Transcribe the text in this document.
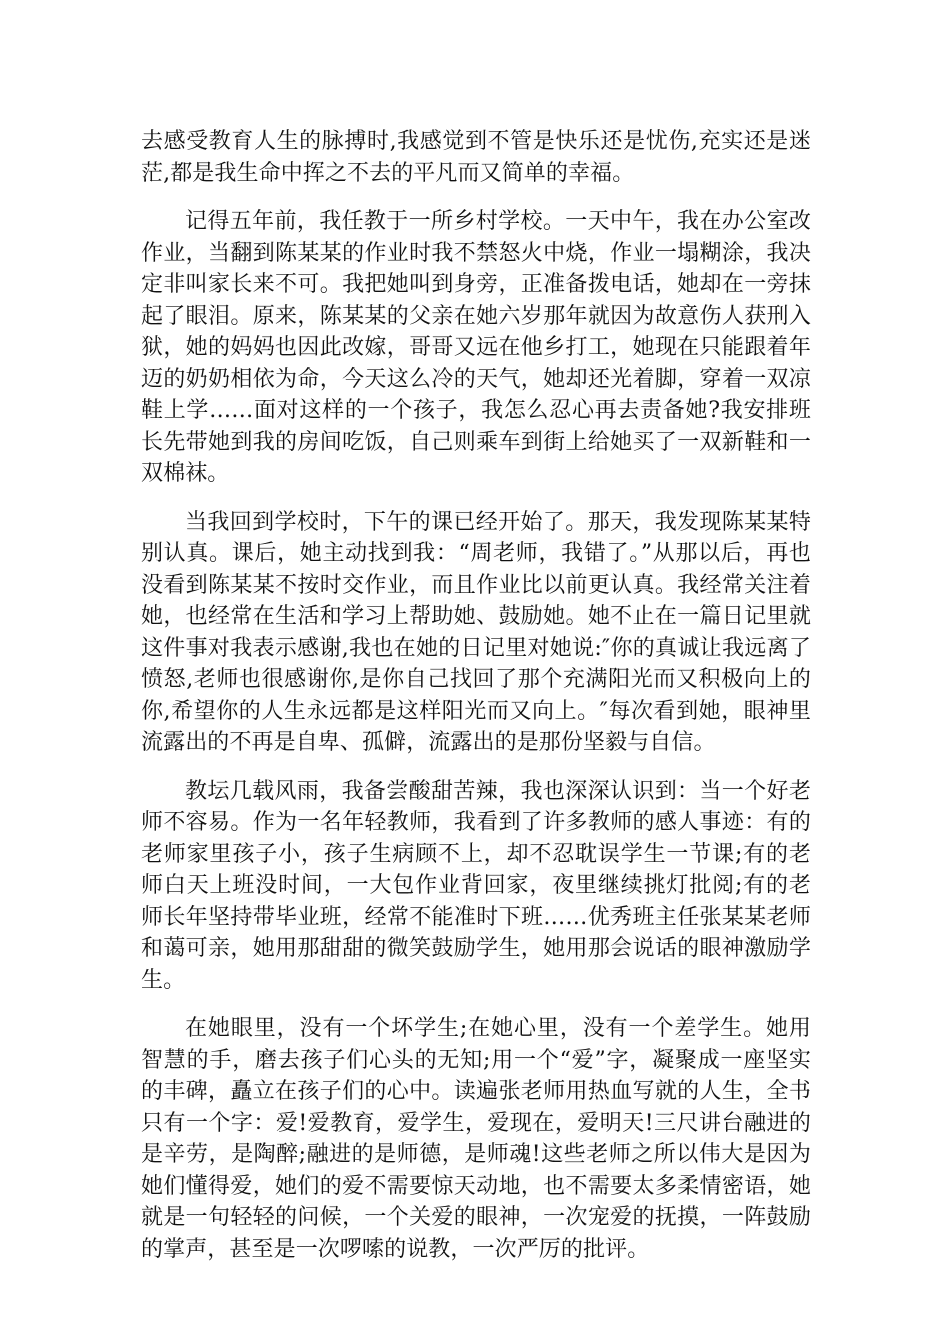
去感受教育人生的脉搏时,我感觉到不管是快乐还是忧伤,充实还是迷茫,都是我生命中挥之不去的平凡而又简单的幸福。

记得五年前，我任教于一所乡村学校。一天中午，我在办公室改作业，当翻到陈某某的作业时我不禁怒火中烧，作业一塌糊涂，我决定非叫家长来不可。我把她叫到身旁，正准备拨电话，她却在一旁抹起了眼泪。原来，陈某某的父亲在她六岁那年就因为故意伤人获刑入狱，她的妈妈也因此改嫁，哥哥又远在他乡打工，她现在只能跟着年迈的奶奶相依为命，今天这么冷的天气，她却还光着脚，穿着一双凉鞋上学……面对这样的一个孩子，我怎么忍心再去责备她?我安排班长先带她到我的房间吃饭，自己则乘车到街上给她买了一双新鞋和一双棉袜。

当我回到学校时，下午的课已经开始了。那天，我发现陈某某特别认真。课后，她主动找到我：“周老师，我错了。”从那以后，再也没看到陈某某不按时交作业，而且作业比以前更认真。我经常关注着她，也经常在生活和学习上帮助她、鼓励她。她不止在一篇日记里就这件事对我表示感谢,我也在她的日记里对她说:″你的真诚让我远离了愤怒,老师也很感谢你,是你自己找回了那个充满阳光而又积极向上的你,希望你的人生永远都是这样阳光而又向上。″每次看到她，眼神里流露出的不再是自卑、孤僻，流露出的是那份坚毅与自信。

教坛几载风雨，我备尝酸甜苦辣，我也深深认识到：当一个好老师不容易。作为一名年轻教师，我看到了许多教师的感人事迹：有的老师家里孩子小，孩子生病顾不上，却不忍耽误学生一节课;有的老师白天上班没时间，一大包作业背回家，夜里继续挑灯批阅;有的老师长年坚持带毕业班，经常不能准时下班……优秀班主任张某某老师和蔼可亲，她用那甜甜的微笑鼓励学生，她用那会说话的眼神激励学生。

在她眼里，没有一个坏学生;在她心里，没有一个差学生。她用智慧的手，磨去孩子们心头的无知;用一个“爱”字，凝聚成一座坚实的丰碑，矗立在孩子们的心中。读遍张老师用热血写就的人生，全书只有一个字：爱!爱教育，爱学生，爱现在，爱明天!三尺讲台融进的是辛劳，是陶醉;融进的是师德，是师魂!这些老师之所以伟大是因为她们懂得爱，她们的爱不需要惊天动地，也不需要太多柔情密语，她就是一句轻轻的问候，一个关爱的眼神，一次宠爱的抚摸，一阵鼓励的掌声，甚至是一次啰嗦的说教，一次严厉的批评。
